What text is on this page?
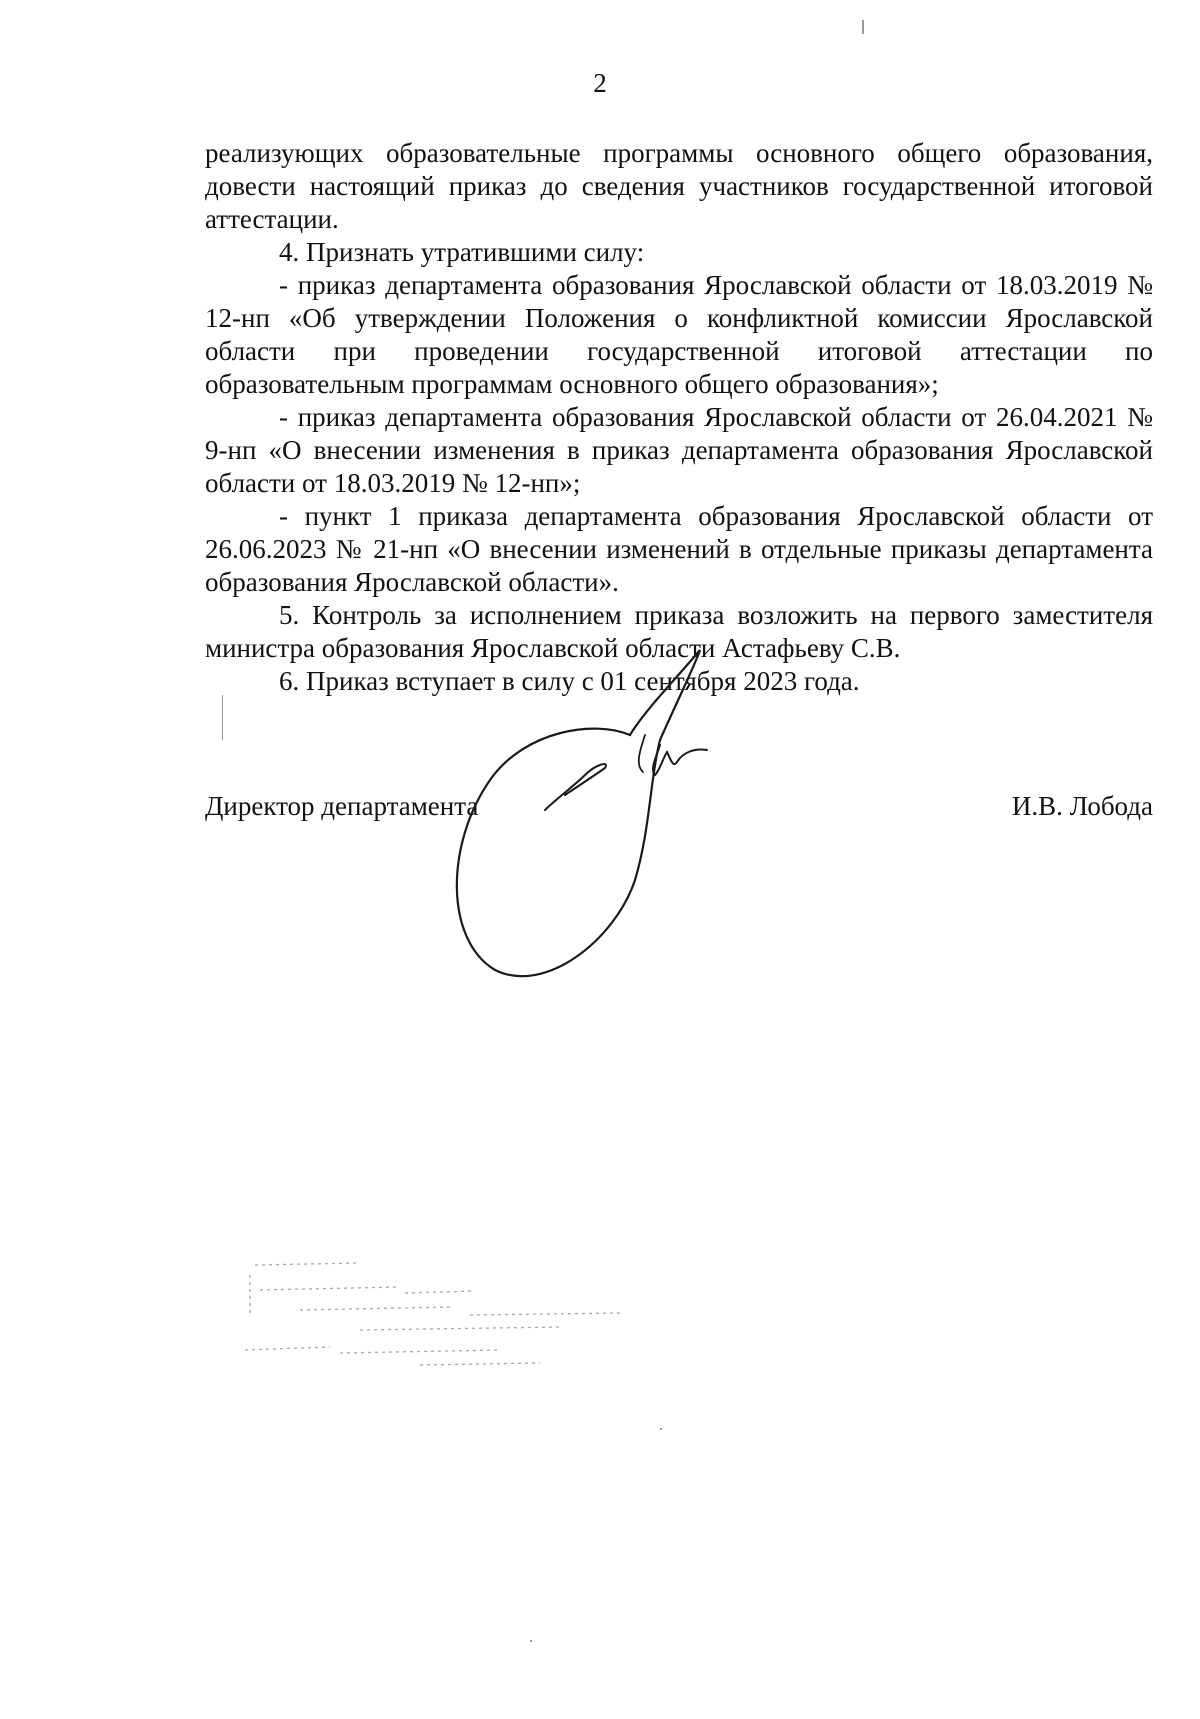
2

реализующих образовательные программы основного общего образования, довести настоящий приказ до сведения участников государственной итоговой аттестации.

4. Признать утратившими силу:

- приказ департамента образования Ярославской области от 18.03.2019 № 12-нп «Об утверждении Положения о конфликтной комиссии Ярославской области при проведении государственной итоговой аттестации по образовательным программам основного общего образования»;

- приказ департамента образования Ярославской области от 26.04.2021 № 9-нп «О внесении изменения в приказ департамента образования Ярославской области от 18.03.2019 № 12-нп»;

- пункт 1 приказа департамента образования Ярославской области от 26.06.2023 № 21-нп «О внесении изменений в отдельные приказы департамента образования Ярославской области».

5. Контроль за исполнением приказа возложить на первого заместителя министра образования Ярославской области Астафьеву С.В.

6. Приказ вступает в силу с 01 сентября 2023 года.

Директор департамента	И.В. Лобода
